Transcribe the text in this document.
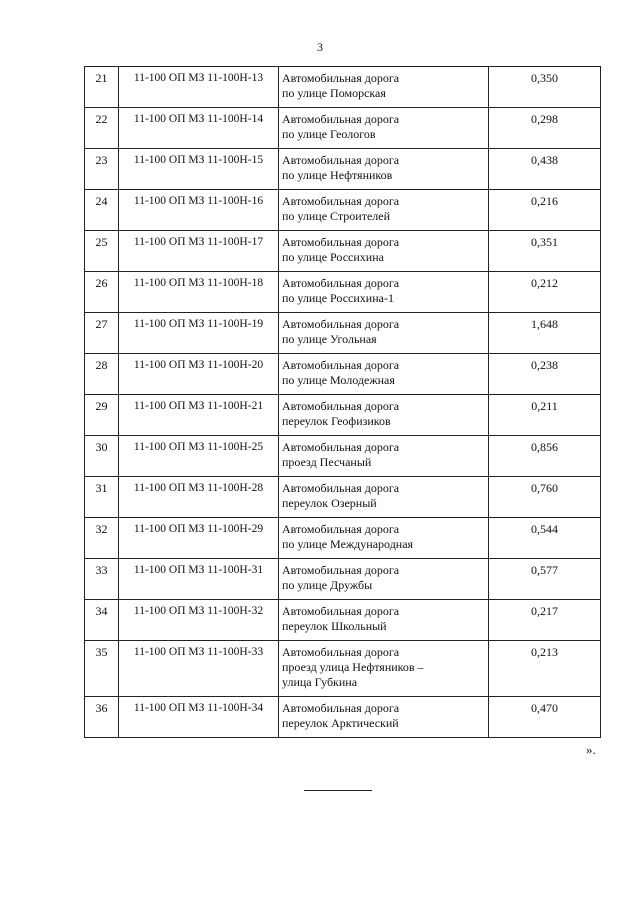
3
21	11-100 ОП МЗ 11-100Н-13	Автомобильная дорога
по улице Поморская	0,350
22	11-100 ОП МЗ 11-100Н-14	Автомобильная дорога
по улице Геологов	0,298
23	11-100 ОП МЗ 11-100Н-15	Автомобильная дорога
по улице Нефтяников	0,438
24	11-100 ОП МЗ 11-100Н-16	Автомобильная дорога
по улице Строителей	0,216
25	11-100 ОП МЗ 11-100Н-17	Автомобильная дорога
по улице Россихина	0,351
26	11-100 ОП МЗ 11-100Н-18	Автомобильная дорога
по улице Россихина-1	0,212
27	11-100 ОП МЗ 11-100Н-19	Автомобильная дорога
по улице Угольная	1,648
28	11-100 ОП МЗ 11-100Н-20	Автомобильная дорога
по улице Молодежная	0,238
29	11-100 ОП МЗ 11-100Н-21	Автомобильная дорога
переулок Геофизиков	0,211
30	11-100 ОП МЗ 11-100Н-25	Автомобильная дорога
проезд Песчаный	0,856
31	11-100 ОП МЗ 11-100Н-28	Автомобильная дорога
переулок Озерный	0,760
32	11-100 ОП МЗ 11-100Н-29	Автомобильная дорога
по улице Международная	0,544
33	11-100 ОП МЗ 11-100Н-31	Автомобильная дорога
по улице Дружбы	0,577
34	11-100 ОП МЗ 11-100Н-32	Автомобильная дорога
переулок Школьный	0,217
35	11-100 ОП МЗ 11-100Н-33	Автомобильная дорога
проезд улица Нефтяников –
улица Губкина	0,213
36	11-100 ОП МЗ 11-100Н-34	Автомобильная дорога
переулок Арктический	0,470
».
